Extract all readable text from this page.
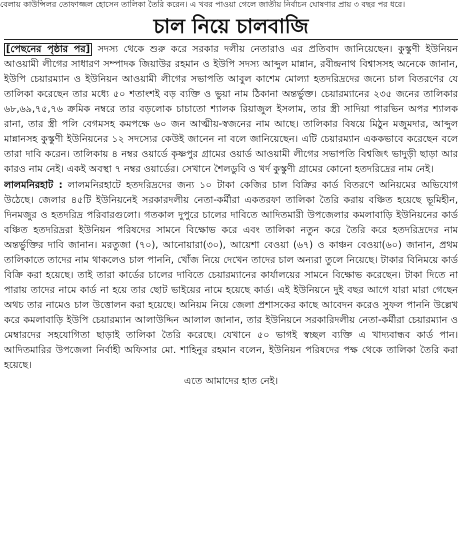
বেলায় কাউন্সিলর তোফাজ্জল হোসেন তালিকা তৈরি করেন। এ খবর পাওয়া গেলে জাতীয় নির্বাচন ঘোষণার প্রায় ৩ বছর পর ধরে।
চাল নিয়ে চালবাজি

[পেছনের পৃষ্ঠার পর] সদস্য থেকে শুরু করে সরকার দলীয় নেতারাও এর প্রতিবাদ জানিয়েছেন। কুস্কুণী ইউনিয়ন আওয়ামী লীগের সাধারণ সম্পাদক জিয়াউর রহমান ও ইউপি সদস্য আব্দুল মান্নান, রবীন্দ্রনাথ বিশ্বাসসহ অনেকে জানান, ইউপি চেয়ারম্যান ও ইউনিয়ন আওয়ামী লীগের সভাপতি আবুল কাশেম মোল্যা হতদরিদ্রদের জন্যে চাল বিতরণের যে তালিকা করেছেন তার মধ্যে ৫০ শতাংশই বড় ব্যক্তি ও ভুয়া নাম ঠিকানা অন্তর্ভুক্ত। চেয়ারম্যানের ২৩৫ জনের তালিকার ৬৮,৬৯,৭৫,৭৬ ক্রমিক নম্বরে তার বড়লোক চাচাতো শ্যালক রিয়াজুল ইসলাম, তার স্ত্রী সাদিয়া পারভিন অপর শ্যালক রানা, তার স্ত্রী পলি বেগমসহ কমপক্ষে ৬০ জন আত্মীয়-স্বজনের নাম আছে। তালিকার বিষয়ে মিঠুন মজুমদার, আব্দুল মান্নানসহ কুস্কুণী ইউনিয়নের ১২ সদস্যের কেউই জানেন না বলে জানিয়েছেন। এটি চেয়ারম্যান এককভাবে করেছেন বলে তারা দাবি করেন। তালিকায় ৪ নম্বর ওয়ার্ডে কৃষ্ণপুর গ্রামের ওয়ার্ড আওয়ামী লীগের সভাপতি বিশ্বজিৎ ভাদুড়ী ছাড়া আর কারও নাম নেই। একই অবস্থা ৭ নম্বর ওয়ার্ডের। সেখানে শৈলডুবি ও খর্দ কুস্কুণী গ্রামের কোনো হতদরিদ্রের নাম নেই।

লালমনিরহাট : লালমনিরহাটে হতদরিদ্রদের জন্য ১০ টাকা কেজির চাল বিক্রির কার্ড বিতরণে অনিয়মের অভিযোগ উঠেছে। জেলার ৪৫টি ইউনিয়নেই সরকারদলীয় নেতা-কর্মীরা একতরফা তালিকা তৈরি করায় বঞ্চিত হয়েছে ভূমিহীন, দিনমজুর ও হতদরিদ্র পরিবারগুলো। গতকাল দুপুরে চালের দাবিতে আদিতমারী উপজেলার কমলাবাড়ি ইউনিয়নের কার্ড বঞ্চিত হতদরিদ্ররা ইউনিয়ন পরিষদের সামনে বিক্ষোভ করে এবং তালিকা নতুন করে তৈরি করে হতদরিদ্রদের নাম অন্তর্ভুক্তির দাবি জানান। মরতুজা (৭০), আনোয়ারা(৩০), আয়েশা বেওয়া (৬৭) ও কাঞ্চন বেওয়া(৬০) জানান, প্রথম তালিকাতে তাদের নাম থাকলেও চাল পাননি, খোঁজ নিয়ে দেখেন তাদের চাল অন্যরা তুলে নিয়েছে। টাকার বিনিময়ে কার্ড বিক্রি করা হয়েছে। তাই তারা কার্ডের চালের দাবিতে চেয়ারম্যানের কার্যালয়ের সামনে বিক্ষোভ করেছেন। টাকা দিতে না পারায় তাদের নামে কার্ড না হয়ে তার ছোট ভাইয়ের নামে হয়েছে কার্ড। এই ইউনিয়নে দুই বছর আগে যারা মারা গেছেন অথচ তার নামেও চাল উত্তোলন করা হয়েছে। অনিয়ম নিয়ে জেলা প্রশাসকের কাছে আবেদন করেও সুফল পাননি উল্লেখ করে কমলাবাড়ি ইউপি চেয়ারম্যান আলাউদ্দিন আলাল জানান, তার ইউনিয়নে সরকারিদলীয় নেতা-কর্মীরা চেয়ারম্যান ও মেম্বারদের সহযোগিতা ছাড়াই তালিকা তৈরি করেছে। যেখানে ৫০ ভাগই স্বচ্ছল ব্যক্তি এ খাদ্যবান্ধব কার্ড পান। আদিতমারির উপজেলা নির্বাহী অফিসার মো. শাহিনুর রহমান বলেন, ইউনিয়ন পরিষদের পক্ষ থেকে তালিকা তৈরি করা হয়েছে।

এতে আমাদের হাত নেই।
